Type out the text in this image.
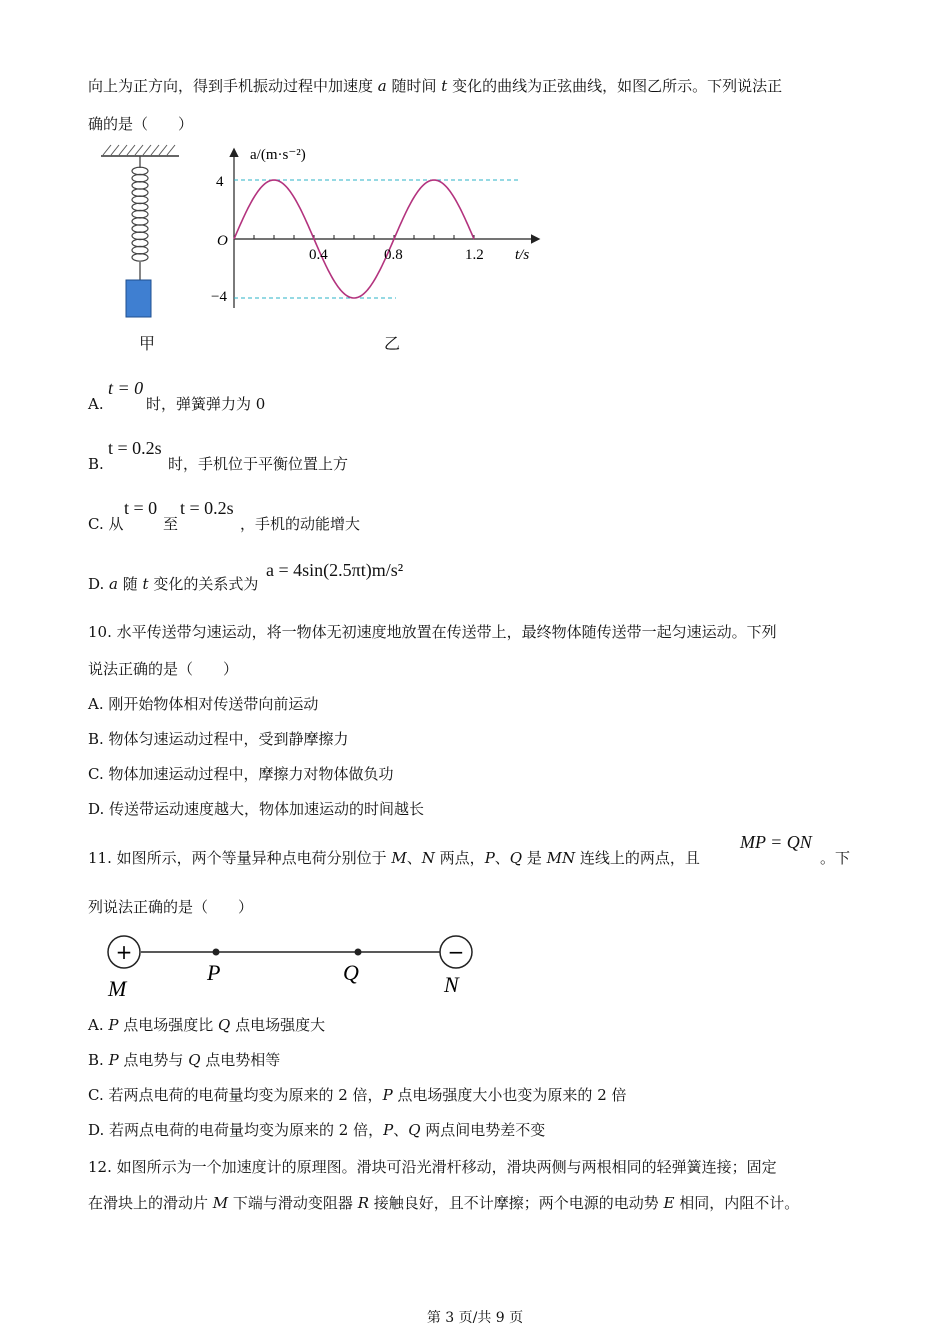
向上为正方向，得到手机振动过程中加速度 a 随时间 t 变化的曲线为正弦曲线，如图乙所示。下列说法正
确的是（　　）
甲
a/(m·s⁻²)
O
4
−4
0.4	0.8	1.2 t/s
乙
A.
t = 0
时，弹簧弹力为 0
B.
t = 0.2s
时，手机位于平衡位置上方
C. 从
t = 0
至
t = 0.2s
，手机的动能增大
D. a 随 t 变化的关系式为
a = 4sin(2.5πt)m/s²
10. 水平传送带匀速运动，将一物体无初速度地放置在传送带上，最终物体随传送带一起匀速运动。下列
说法正确的是（　　）
A. 刚开始物体相对传送带向前运动
B. 物体匀速运动过程中，受到静摩擦力
C. 物体加速运动过程中，摩擦力对物体做负功
D. 传送带运动速度越大，物体加速运动的时间越长
11. 如图所示，两个等量异种点电荷分别位于 M、N 两点，P、Q 是 MN 连线上的两点，且
MP = QN
。下
列说法正确的是（　　）
+	−
M
P	Q	N
A. P 点电场强度比 Q 点电场强度大
B. P 点电势与 Q 点电势相等
C. 若两点电荷的电荷量均变为原来的 2 倍，P 点电场强度大小也变为原来的 2 倍
D. 若两点电荷的电荷量均变为原来的 2 倍，P、Q 两点间电势差不变
12. 如图所示为一个加速度计的原理图。滑块可沿光滑杆移动，滑块两侧与两根相同的轻弹簧连接；固定
在滑块上的滑动片 M 下端与滑动变阻器 R 接触良好，且不计摩擦；两个电源的电动势 E 相同，内阻不计。
第 3 页/共 9 页
